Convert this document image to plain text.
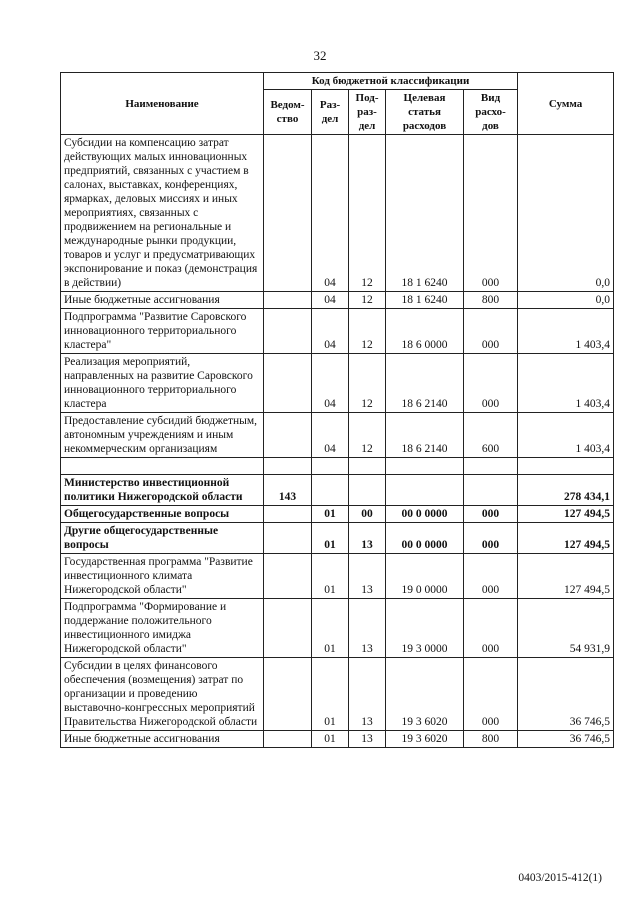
32
Наименование	Код бюджетной классификации					Сумма
	Ведом-ство	Раз-дел	Под-раз-дел	Целевая статья расходов	Вид расхо-дов	
Субсидии на компенсацию затрат действующих малых инновационных предприятий, связанных с участием в салонах, выставках, конференциях, ярмарках, деловых миссиях и иных мероприятиях, связанных с продвижением на региональные и международные рынки продукции, товаров и услуг и предусматривающих экспонирование и показ (демонстрация в действии)		04	12	18 1 6240	000	0,0
Иные бюджетные ассигнования		04	12	18 1 6240	800	0,0
Подпрограмма "Развитие Саровского инновационного территориального кластера"		04	12	18 6 0000	000	1 403,4
Реализация мероприятий, направленных на развитие Саровского инновационного территориального кластера		04	12	18 6 2140	000	1 403,4
Предоставление субсидий бюджетным, автономным учреждениям и иным некоммерческим организациям		04	12	18 6 2140	600	1 403,4

Министерство инвестиционной политики Нижегородской области	143					278 434,1
Общегосударственные вопросы		01	00	00 0 0000	000	127 494,5
Другие общегосударственные вопросы		01	13	00 0 0000	000	127 494,5
Государственная программа "Развитие инвестиционного климата Нижегородской области"		01	13	19 0 0000	000	127 494,5
Подпрограмма "Формирование и поддержание положительного инвестиционного имиджа Нижегородской области"		01	13	19 3 0000	000	54 931,9
Субсидии в целях финансового обеспечения (возмещения) затрат по организации и проведению выставочно-конгрессных мероприятий Правительства Нижегородской области		01	13	19 3 6020	000	36 746,5
Иные бюджетные ассигнования		01	13	19 3 6020	800	36 746,5
0403/2015-412(1)
